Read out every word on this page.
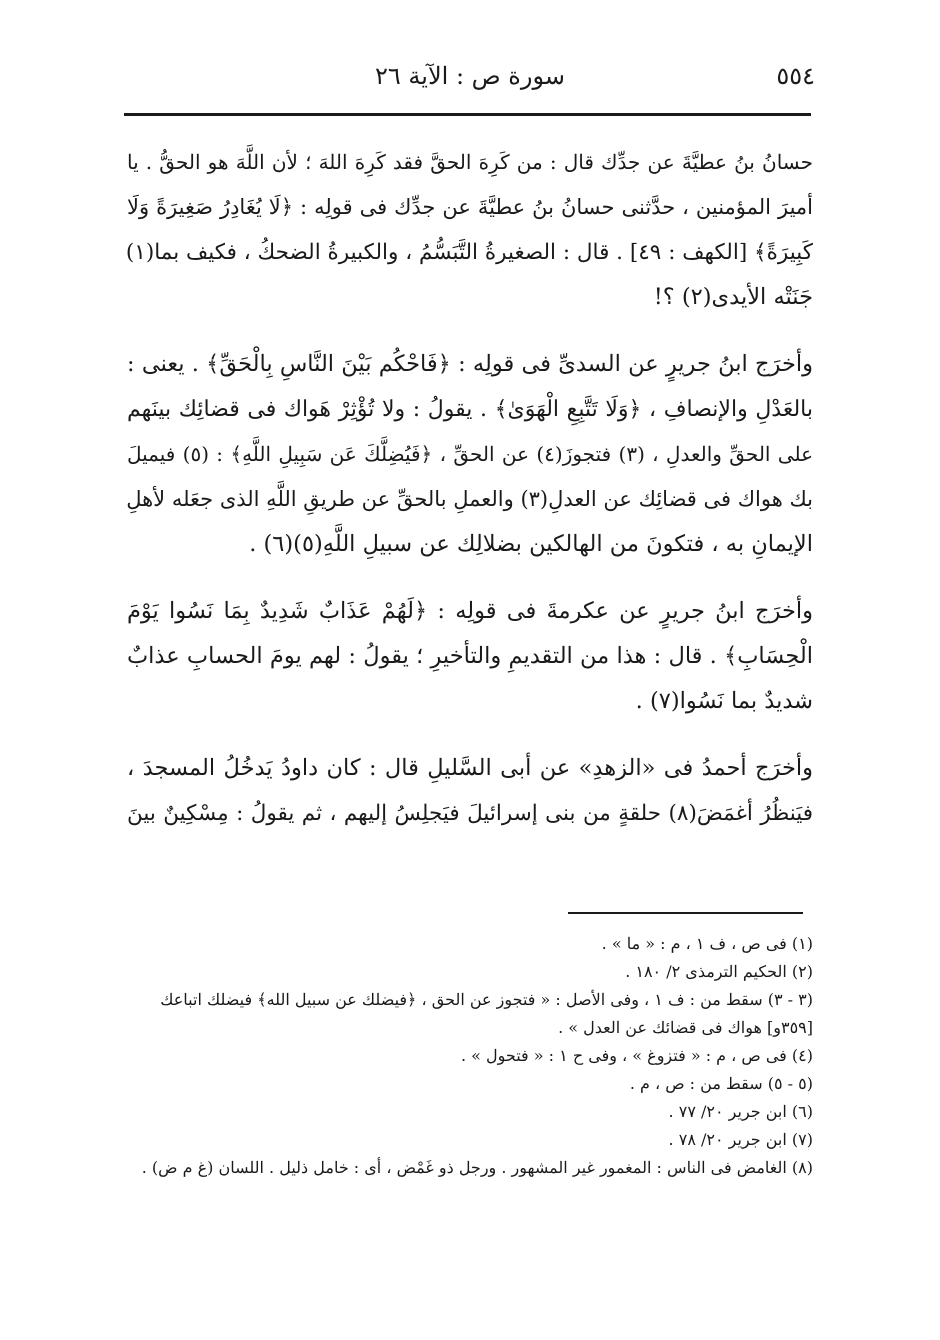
٥٥٤
سورة ص : الآية ٢٦
حسانُ بنُ عطيَّةَ عن جدِّك قال : من كَرِهَ الحقَّ فقد كَرِهَ اللهَ ؛ لأن اللَّهَ هو الحقُّ . يا
أميرَ المؤمنين ، حدَّثنى حسانُ بنُ عطيَّةَ عن جدِّك فى قولِه : ﴿لَا يُغَادِرُ صَغِيرَةً وَلَا
كَبِيرَةً﴾ [الكهف : ٤٩] . قال : الصغيرةُ التَّبَسُّمُ ، والكبيرةُ الضحكُ ، فكيف بما(١)
جَنَتْه الأيدى(٢) ؟!
وأخرَج ابنُ جريرٍ عن السدىِّ فى قولِه : ﴿فَاحْكُم بَيْنَ النَّاسِ بِالْحَقِّ﴾ . يعنى :
بالعَدْلِ والإنصافِ ، ﴿وَلَا تَتَّبِعِ الْهَوَىٰ﴾ . يقولُ : ولا تُؤْثِرْ هَواك فى قضائِك بينَهم
على الحقِّ والعدلِ ، (٣) فتجوزَ(٤) عن الحقِّ ، ﴿فَيُضِلَّكَ عَن سَبِيلِ اللَّهِ﴾ : (٥) فيميلَ
بك هواك فى قضائِك عن العدلِ(٣) والعملِ بالحقِّ عن طريقِ اللَّهِ الذى جعَله لأهلِ
الإيمانِ به ، فتكونَ من الهالكين بضلالِك عن سبيلِ اللَّهِ(٥)(٦) .
وأخرَج ابنُ جريرٍ عن عكرمةَ فى قولِه : ﴿لَهُمْ عَذَابٌ شَدِيدٌ بِمَا نَسُوا يَوْمَ
الْحِسَابِ﴾ . قال : هذا من التقديمِ والتأخيرِ ؛ يقولُ : لهم يومَ الحسابِ عذابٌ
شديدٌ بما نَسُوا(٧) .
وأخرَج أحمدُ فى «الزهدِ» عن أبى السَّليلِ قال : كان داودُ يَدخُلُ المسجدَ ،
فيَنظُرُ أغمَضَ(٨) حلقةٍ من بنى إسرائيلَ فيَجلِسُ إليهم ، ثم يقولُ : مِسْكِينٌ بينَ
(١) فى ص ، ف ١ ، م : « ما » .
(٢) الحكيم الترمذى ٢/ ١٨٠ .
(٣ - ٣) سقط من : ف ١ ، وفى الأصل : « فتجوز عن الحق ، ﴿فيضلك عن سبيل الله﴾ فيضلك اتباعك
[٣٥٩و] هواك فى قضائك عن العدل » .
(٤) فى ص ، م : « فتزوغ » ، وفى ح ١ : « فتحول » .
(٥ - ٥) سقط من : ص ، م .
(٦) ابن جرير ٢٠/ ٧٧ .
(٧) ابن جرير ٢٠/ ٧٨ .
(٨) الغامض فى الناس : المغمور غير المشهور . ورجل ذو غَمْض ، أى : خامل ذليل . اللسان (غ م ض) .
